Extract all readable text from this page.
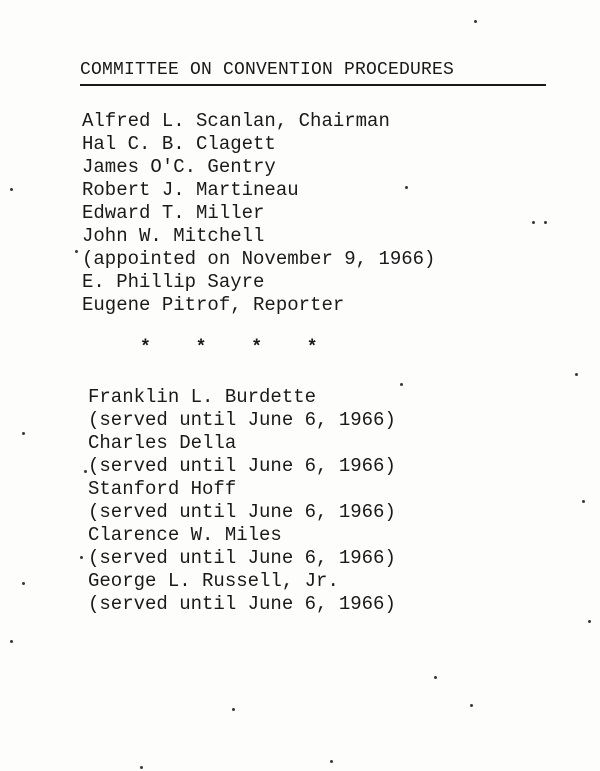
COMMITTEE ON CONVENTION PROCEDURES
Alfred L. Scanlan, Chairman
Hal C. B. Clagett
James O'C. Gentry
Robert J. Martineau
Edward T. Miller
John W. Mitchell
(appointed on November 9, 1966)
E. Phillip Sayre
Eugene Pitrof, Reporter
* * * *
Franklin L. Burdette
(served until June 6, 1966)
Charles Della
(served until June 6, 1966)
Stanford Hoff
(served until June 6, 1966)
Clarence W. Miles
(served until June 6, 1966)
George L. Russell, Jr.
(served until June 6, 1966)
